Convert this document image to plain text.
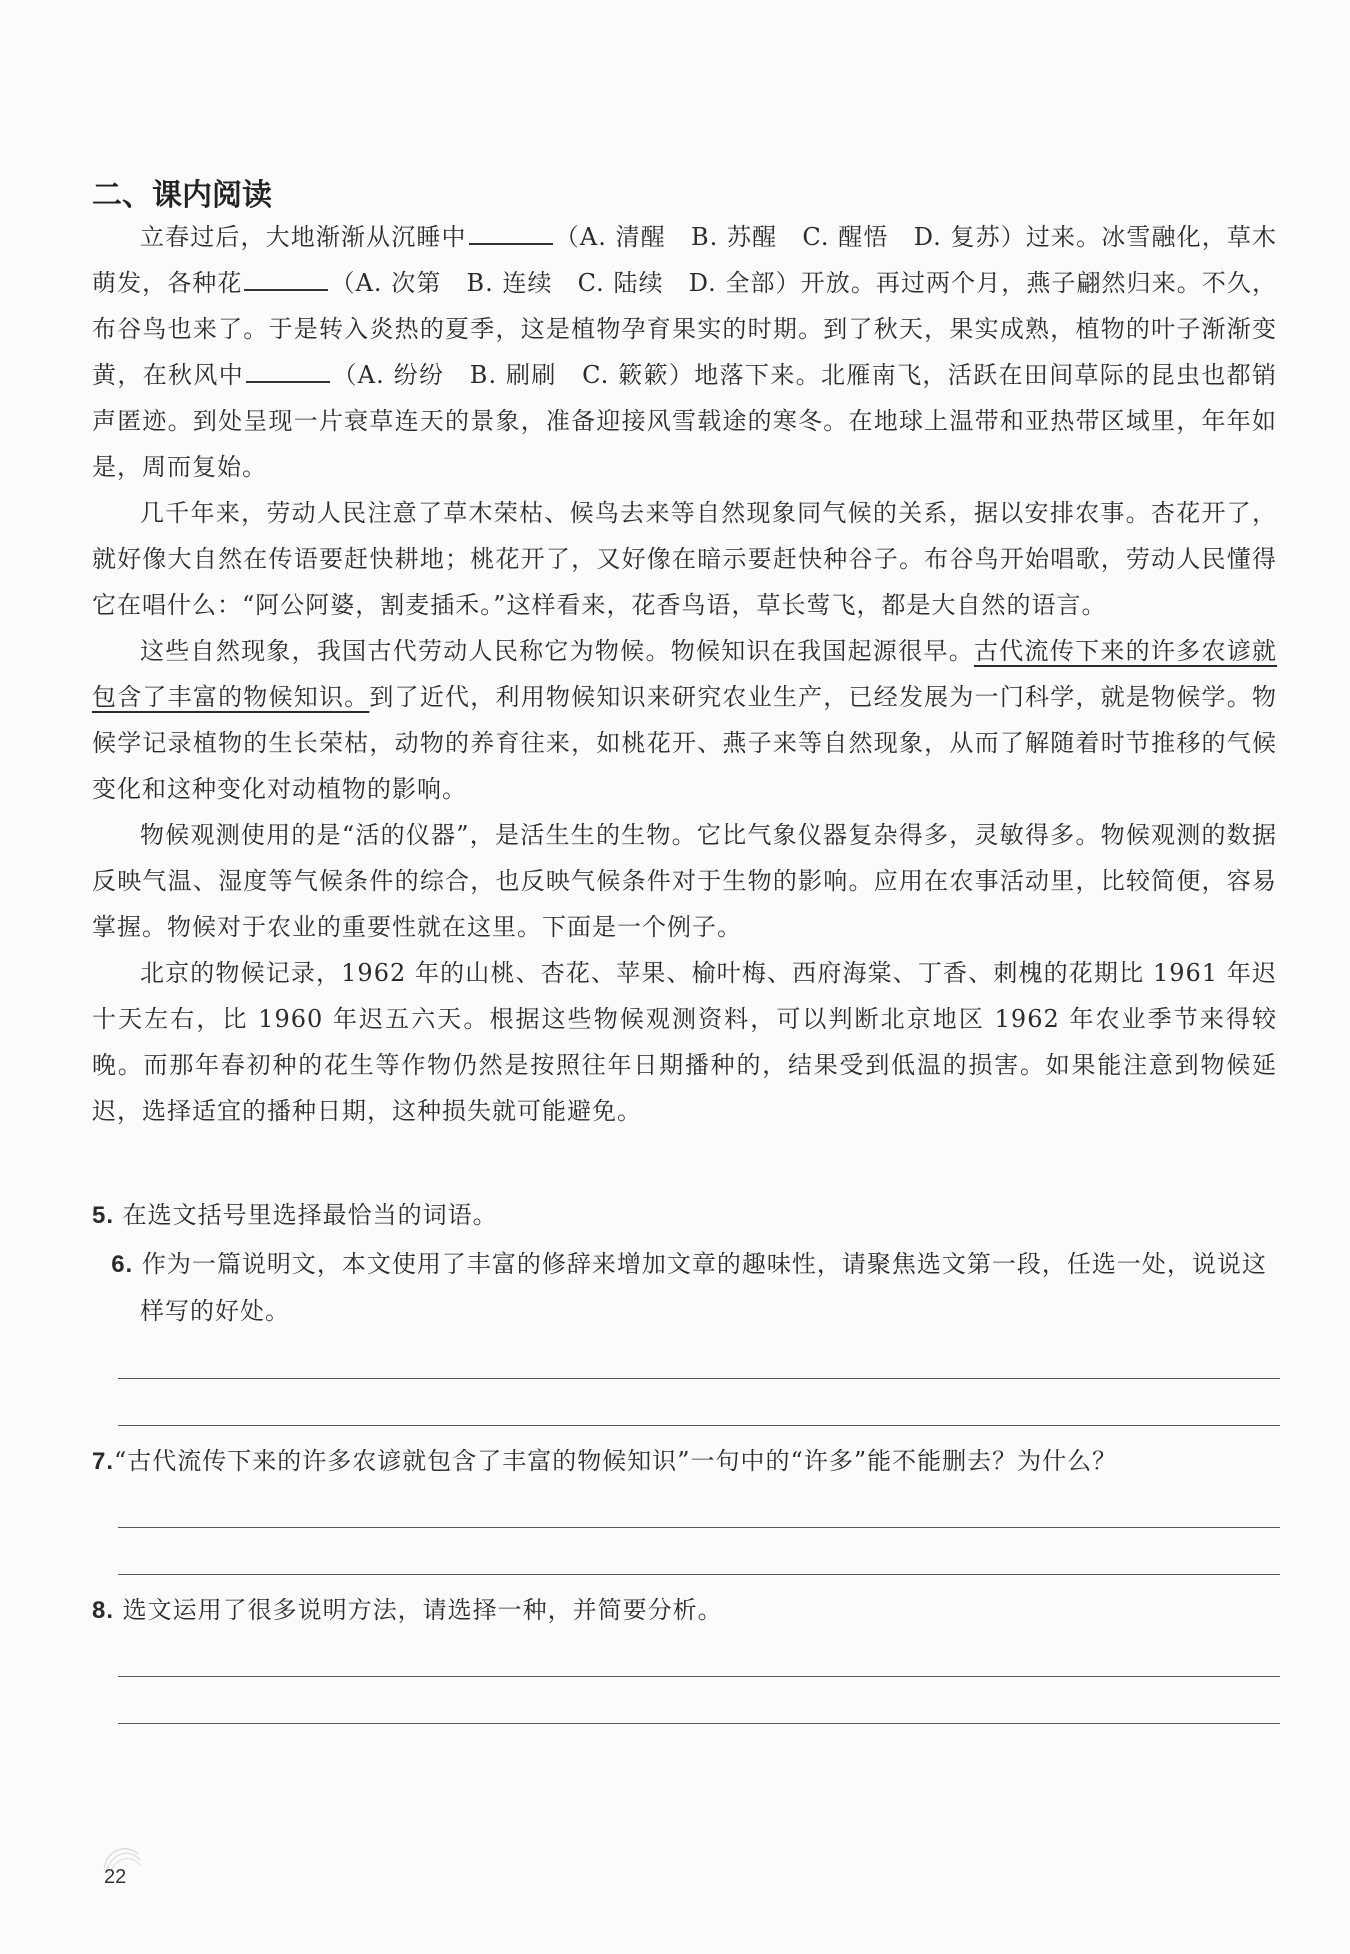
二、课内阅读

立春过后，大地渐渐从沉睡中	（A. 清醒　B. 苏醒　C. 醒悟　D. 复苏）过来。冰雪融化，草木萌发，各种花	（A. 次第　B. 连续　C. 陆续　D. 全部）开放。再过两个月，燕子翩然归来。不久，布谷鸟也来了。于是转入炎热的夏季，这是植物孕育果实的时期。到了秋天，果实成熟，植物的叶子渐渐变黄，在秋风中	（A. 纷纷　B. 刷刷　C. 簌簌）地落下来。北雁南飞，活跃在田间草际的昆虫也都销声匿迹。到处呈现一片衰草连天的景象，准备迎接风雪载途的寒冬。在地球上温带和亚热带区域里，年年如是，周而复始。

几千年来，劳动人民注意了草木荣枯、候鸟去来等自然现象同气候的关系，据以安排农事。杏花开了，就好像大自然在传语要赶快耕地；桃花开了，又好像在暗示要赶快种谷子。布谷鸟开始唱歌，劳动人民懂得它在唱什么：“阿公阿婆，割麦插禾。”这样看来，花香鸟语，草长莺飞，都是大自然的语言。

这些自然现象，我国古代劳动人民称它为物候。物候知识在我国起源很早。古代流传下来的许多农谚就包含了丰富的物候知识。到了近代，利用物候知识来研究农业生产，已经发展为一门科学，就是物候学。物候学记录植物的生长荣枯，动物的养育往来，如桃花开、燕子来等自然现象，从而了解随着时节推移的气候变化和这种变化对动植物的影响。

物候观测使用的是“活的仪器”，是活生生的生物。它比气象仪器复杂得多，灵敏得多。物候观测的数据反映气温、湿度等气候条件的综合，也反映气候条件对于生物的影响。应用在农事活动里，比较简便，容易掌握。物候对于农业的重要性就在这里。下面是一个例子。

北京的物候记录，1962 年的山桃、杏花、苹果、榆叶梅、西府海棠、丁香、刺槐的花期比 1961 年迟十天左右，比 1960 年迟五六天。根据这些物候观测资料，可以判断北京地区 1962 年农业季节来得较晚。而那年春初种的花生等作物仍然是按照往年日期播种的，结果受到低温的损害。如果能注意到物候延迟，选择适宜的播种日期，这种损失就可能避免。

5. 在选文括号里选择最恰当的词语。
6. 作为一篇说明文，本文使用了丰富的修辞来增加文章的趣味性，请聚焦选文第一段，任选一处，说说这样写的好处。
7.“古代流传下来的许多农谚就包含了丰富的物候知识”一句中的“许多”能不能删去？为什么？
8. 选文运用了很多说明方法，请选择一种，并简要分析。
22
